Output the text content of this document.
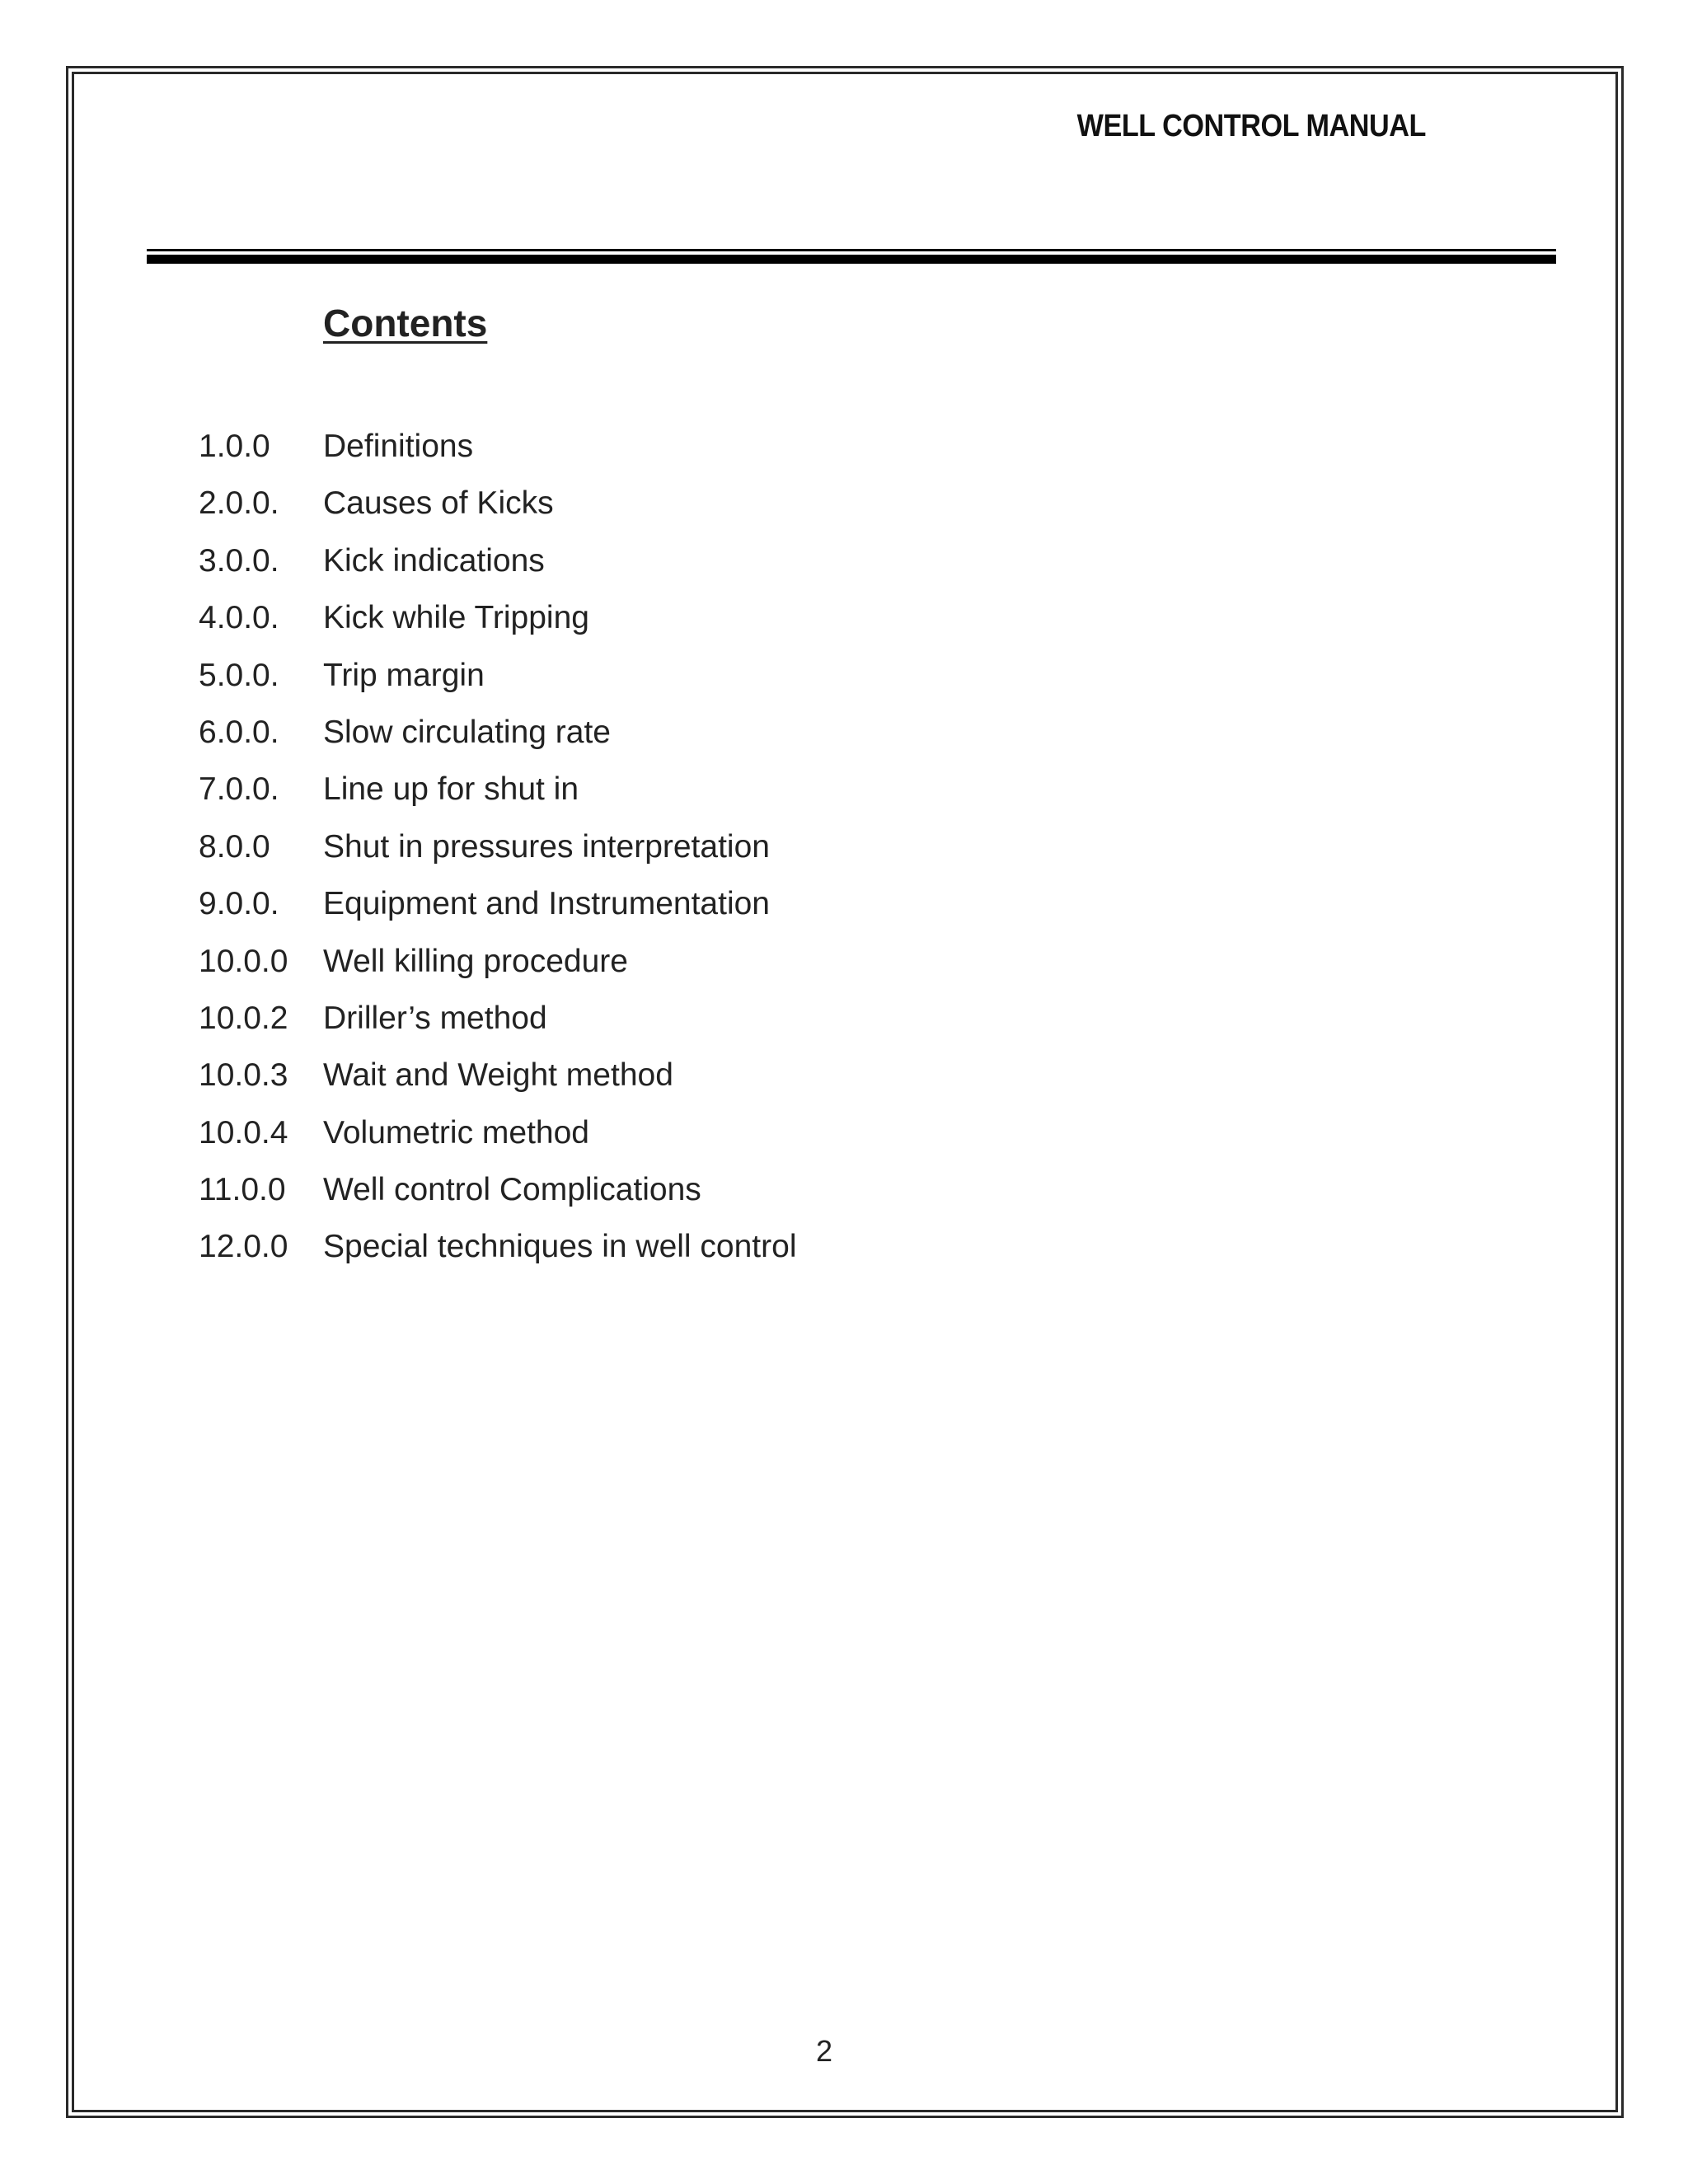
WELL CONTROL MANUAL
Contents
1.0.0	Definitions
2.0.0.	Causes of Kicks
3.0.0.	Kick indications
4.0.0.	Kick while Tripping
5.0.0.	Trip margin
6.0.0.	Slow circulating rate
7.0.0.	Line up for shut in
8.0.0	Shut in pressures interpretation
9.0.0.	Equipment and Instrumentation
10.0.0	Well killing procedure
10.0.2	Driller’s method
10.0.3	Wait and Weight method
10.0.4	Volumetric method
11.0.0	Well control Complications
12.0.0	Special techniques in well control
2
